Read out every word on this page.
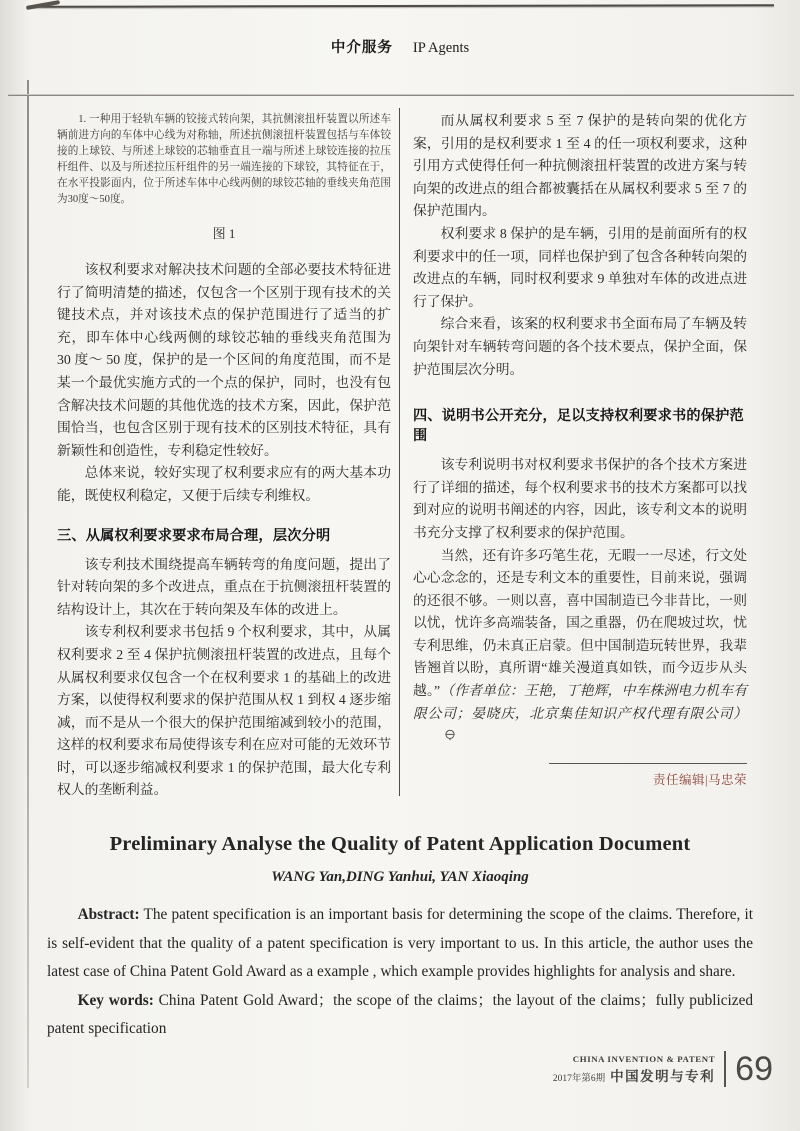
中介服务 IP Agents

1. 一种用于轻轨车辆的铰接式转向架，其抗侧滚扭杆装置以所述车辆前进方向的车体中心线为对称轴，所述抗侧滚扭杆装置包括与车体铰接的上球铰、与所述上球铰的芯轴垂直且一端与所述上球铰连接的拉压杆组件、以及与所述拉压杆组件的另一端连接的下球铰，其特征在于，在水平投影面内，位于所述车体中心线两侧的球铰芯轴的垂线夹角范围为30度～50度。

图 1

该权利要求对解决技术问题的全部必要技术特征进行了简明清楚的描述，仅包含一个区别于现有技术的关键技术点，并对该技术点的保护范围进行了适当的扩充，即车体中心线两侧的球铰芯轴的垂线夹角范围为 30 度～ 50 度，保护的是一个区间的角度范围，而不是某一个最优实施方式的一个点的保护，同时，也没有包含解决技术问题的其他优选的技术方案，因此，保护范围恰当，也包含区别于现有技术的区别技术特征，具有新颖性和创造性，专利稳定性较好。

总体来说，较好实现了权利要求应有的两大基本功能，既使权利稳定，又便于后续专利维权。

三、从属权利要求要求布局合理，层次分明

该专利技术围绕提高车辆转弯的角度问题，提出了针对转向架的多个改进点，重点在于抗侧滚扭杆装置的结构设计上，其次在于转向架及车体的改进上。

该专利权利要求书包括 9 个权利要求，其中，从属权利要求 2 至 4 保护抗侧滚扭杆装置的改进点，且每个从属权利要求仅包含一个在权利要求 1 的基础上的改进方案，以使得权利要求的保护范围从权 1 到权 4 逐步缩减，而不是从一个很大的保护范围缩减到较小的范围，这样的权利要求布局使得该专利在应对可能的无效环节时，可以逐步缩减权利要求 1 的保护范围，最大化专利权人的垄断利益。

而从属权利要求 5 至 7 保护的是转向架的优化方案，引用的是权利要求 1 至 4 的任一项权利要求，这种引用方式使得任何一种抗侧滚扭杆装置的改进方案与转向架的改进点的组合都被囊括在从属权利要求 5 至 7 的保护范围内。

权利要求 8 保护的是车辆，引用的是前面所有的权利要求中的任一项，同样也保护到了包含各种转向架的改进点的车辆，同时权利要求 9 单独对车体的改进点进行了保护。

综合来看，该案的权利要求书全面布局了车辆及转向架针对车辆转弯问题的各个技术要点，保护全面，保护范围层次分明。

四、说明书公开充分，足以支持权利要求书的保护范围

该专利说明书对权利要求书保护的各个技术方案进行了详细的描述，每个权利要求书的技术方案都可以找到对应的说明书阐述的内容，因此，该专利文本的说明书充分支撑了权利要求的保护范围。

当然，还有许多巧笔生花，无暇一一尽述，行文处心心念念的，还是专利文本的重要性，目前来说，强调的还很不够。一则以喜，喜中国制造已今非昔比，一则以忧，忧许多高端装备，国之重器，仍在爬坡过坎，忧专利思维，仍未真正启蒙。但中国制造玩转世界，我辈皆翘首以盼，真所谓“雄关漫道真如铁，而今迈步从头越。”（作者单位：王艳，丁艳辉，中车株洲电力机车有限公司；晏晓庆，北京集佳知识产权代理有限公司）

责任编辑|马忠荣
Preliminary Analyse the Quality of Patent Application Document
WANG Yan,DING Yanhui, YAN Xiaoqing

Abstract: The patent specification is an important basis for determining the scope of the claims. Therefore, it is self-evident that the quality of a patent specification is very important to us. In this article, the author uses the latest case of China Patent Gold Award as a example , which example provides highlights for analysis and share.

Key words: China Patent Gold Award；the scope of the claims；the layout of the claims；fully publicized patent specification

CHINA INVENTION & PATENT
2017年第6期 中国发明与专利 69
